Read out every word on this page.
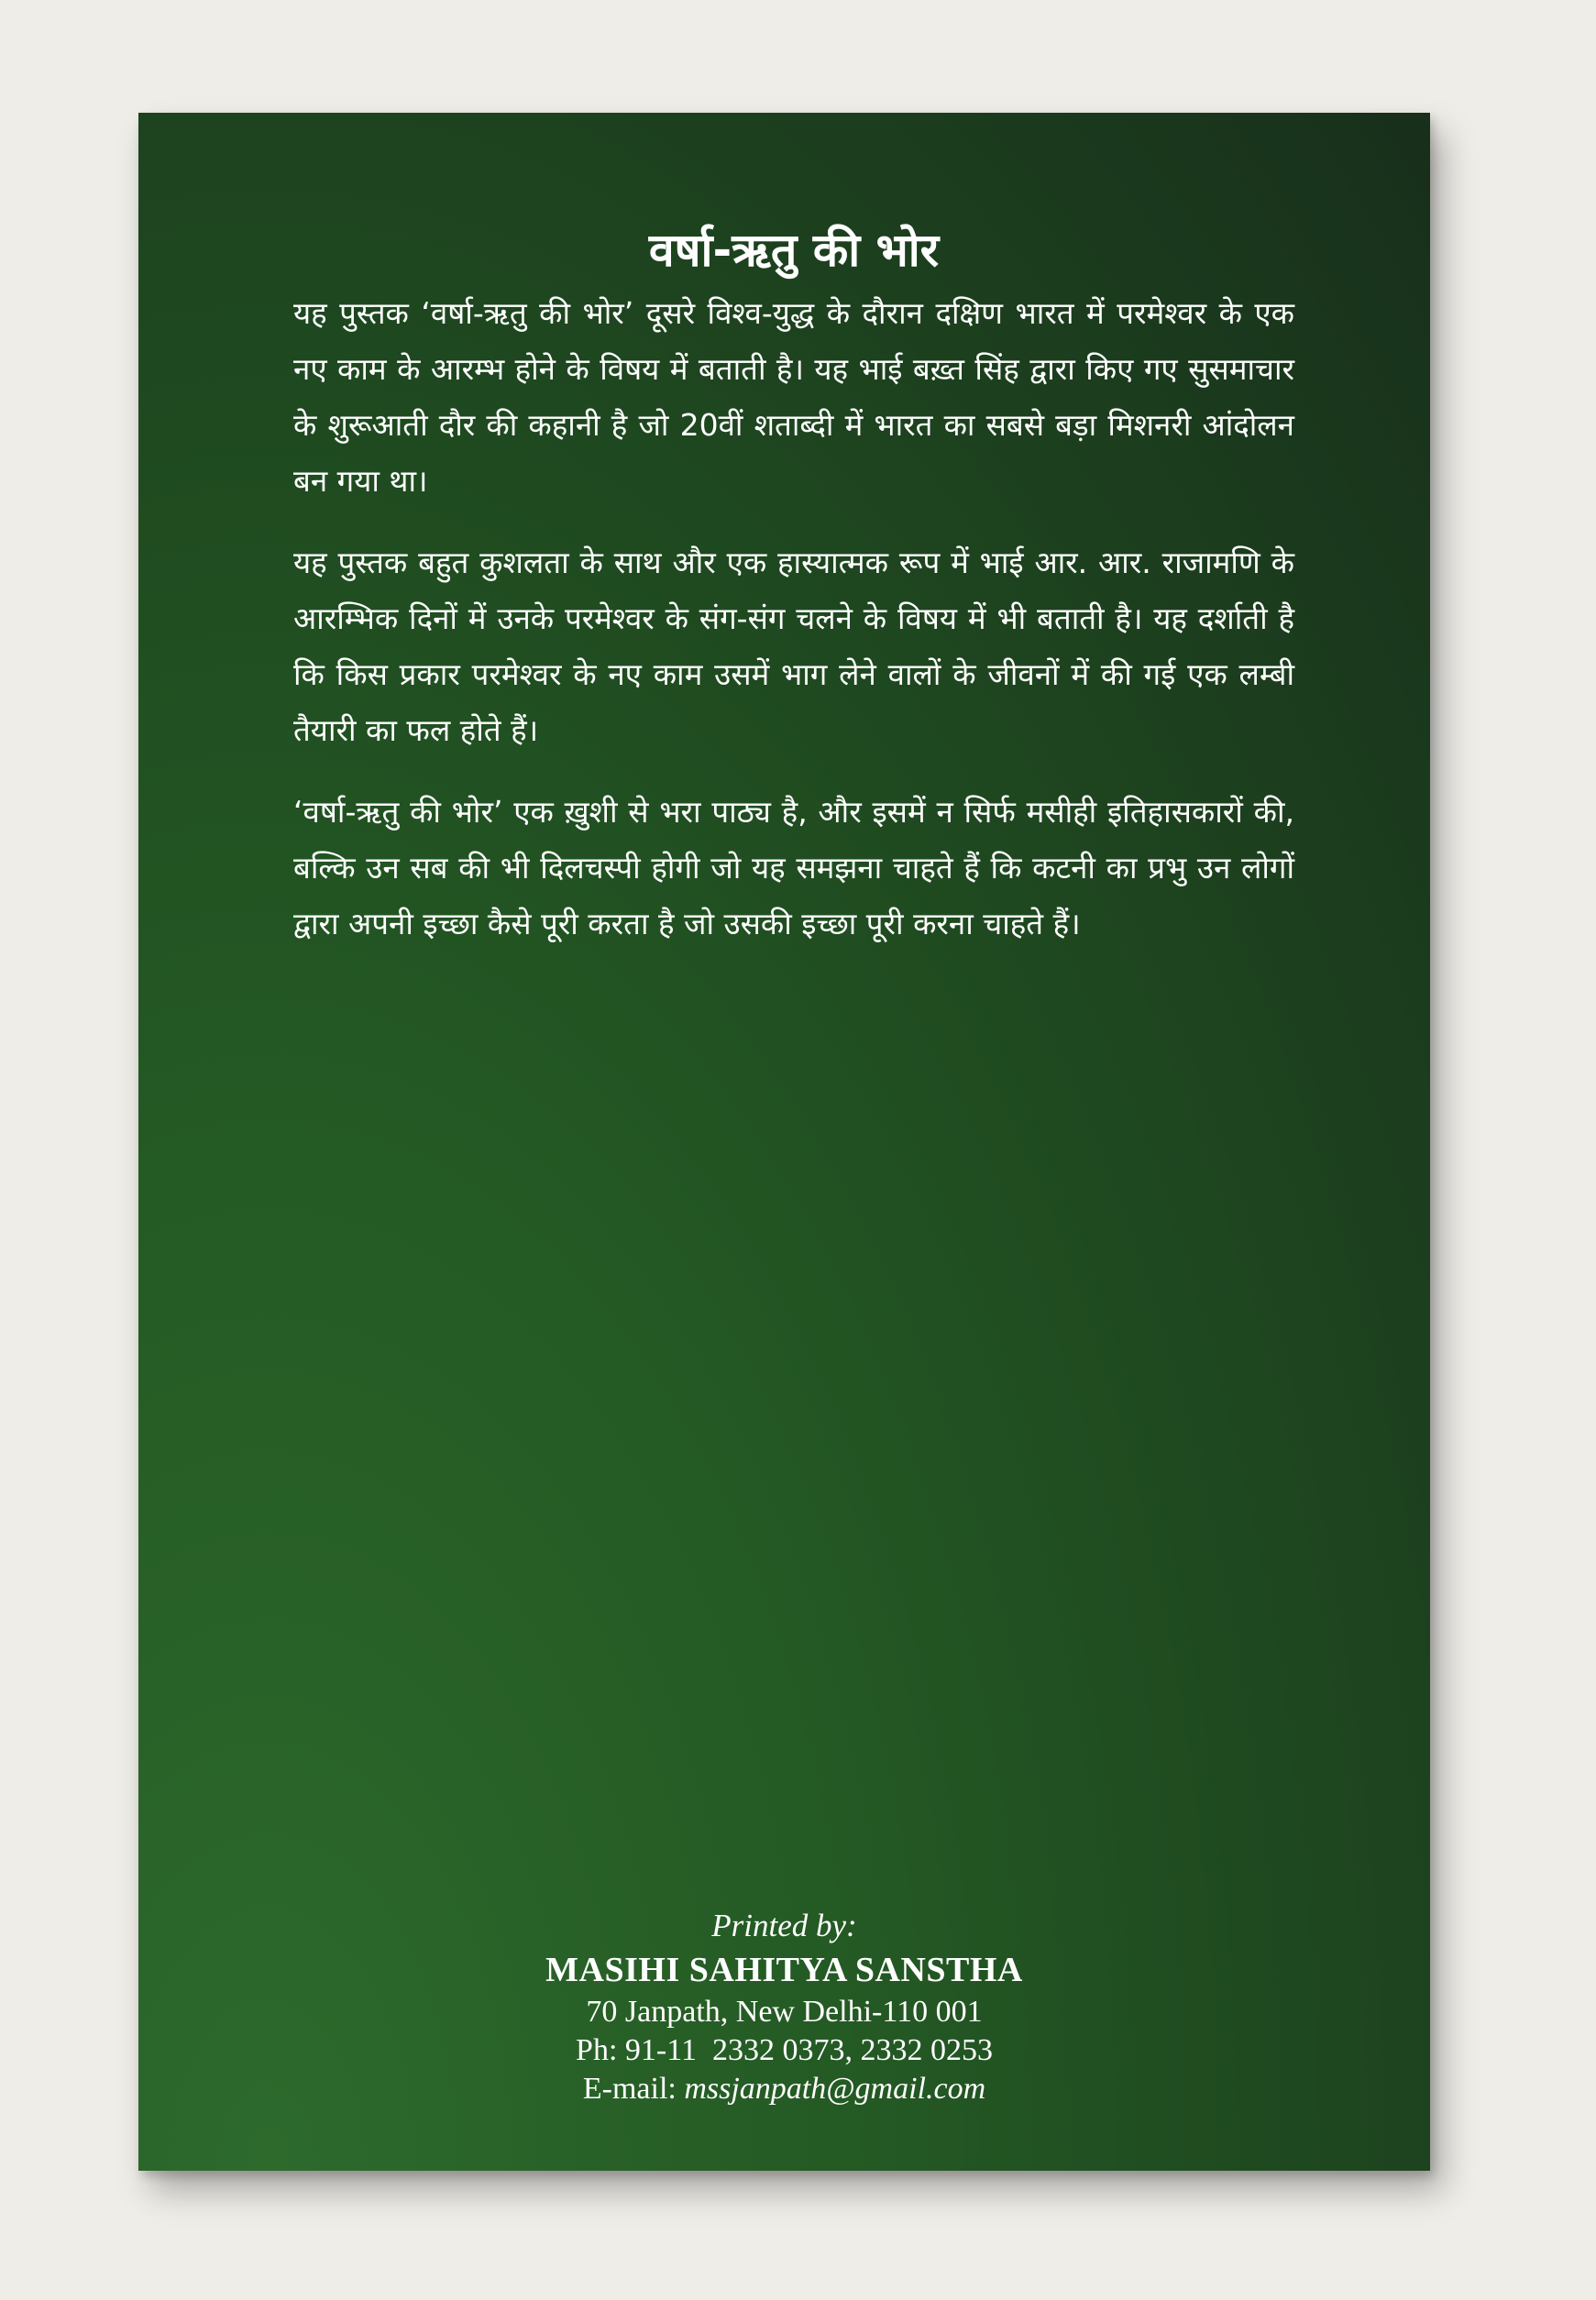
वर्षा-ऋतु की भोर

यह पुस्तक ‘वर्षा-ऋतु की भोर’ दूसरे विश्व-युद्ध के दौरान दक्षिण भारत में परमेश्वर के एक नए काम के आरम्भ होने के विषय में बताती है। यह भाई बख़्त सिंह द्वारा किए गए सुसमाचार के शुरूआती दौर की कहानी है जो 20वीं शताब्दी में भारत का सबसे बड़ा मिशनरी आंदोलन बन गया था।

यह पुस्तक बहुत कुशलता के साथ और एक हास्यात्मक रूप में भाई आर. आर. राजामणि के आरम्भिक दिनों में उनके परमेश्वर के संग-संग चलने के विषय में भी बताती है। यह दर्शाती है कि किस प्रकार परमेश्वर के नए काम उसमें भाग लेने वालों के जीवनों में की गई एक लम्बी तैयारी का फल होते हैं।

‘वर्षा-ऋतु की भोर’ एक ख़ुशी से भरा पाठ्य है, और इसमें न सिर्फ मसीही इतिहासकारों की, बल्कि उन सब की भी दिलचस्पी होगी जो यह समझना चाहते हैं कि कटनी का प्रभु उन लोगों द्वारा अपनी इच्छा कैसे पूरी करता है जो उसकी इच्छा पूरी करना चाहते हैं।

Printed by:
MASIHI SAHITYA SANSTHA
70 Janpath, New Delhi-110 001
Ph: 91-11  2332 0373, 2332 0253
E-mail: mssjanpath@gmail.com
